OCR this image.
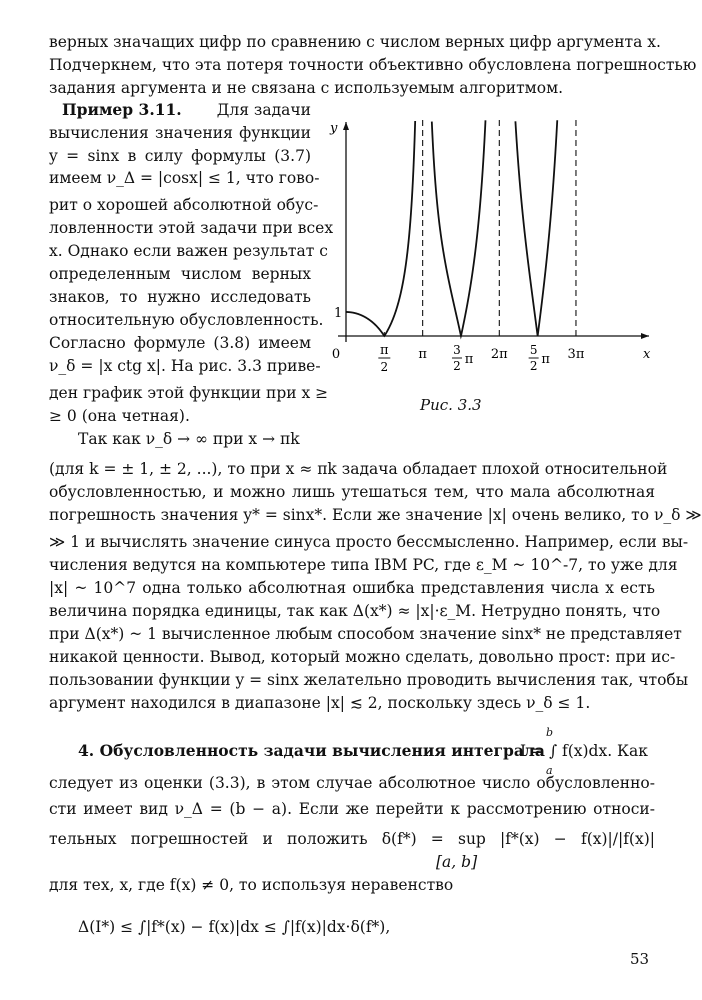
верных значащих цифр по сравнению с числом верных цифр аргумента x.
Подчеркнем, что эта потеря точности объективно обусловлена погрешностью
задания аргумента и не связана с используемым алгоритмом.
Пример 3.11. Для задачи
вычисления значения функции
y = sinx в силу формулы (3.7)
имеем ν_Δ = |cosx| ≤ 1, что гово-
рит о хорошей абсолютной обус-
ловленности этой задачи при всех
x. Однако если важен результат с
определенным числом верных
знаков, то нужно исследовать
относительную обусловленность.
Согласно формуле (3.8) имеем
ν_δ = |x ctg x|. На рис. 3.3 приве-
ден график этой функции при x ≥
≥ 0 (она четная).
Так как ν_δ → ∞ при x → πk
x
y
1
0	π
2
π 3
2 π 2π 5
2 π 3π
Рис. 3.3
(для k = ± 1, ± 2, ...), то при x ≈ πk задача обладает плохой относительной
обусловленностью, и можно лишь утешаться тем, что мала абсолютная
погрешность значения y* = sinx*. Если же значение |x| очень велико, то ν_δ ≫
≫ 1 и вычислять значение синуса просто бессмысленно. Например, если вы-
числения ведутся на компьютере типа IBM PC, где ε_M ~ 10^-7, то уже для
|x| ~ 10^7 одна только абсолютная ошибка представления числа x есть
величина порядка единицы, так как Δ(x*) ≈ |x|·ε_M. Нетрудно понять, что
при Δ(x*) ~ 1 вычисленное любым способом значение sinx* не представляет
никакой ценности. Вывод, который можно сделать, довольно прост: при ис-
пользовании функции y = sinx желательно проводить вычисления так, чтобы
аргумент находился в диапазоне |x| ≲ 2, поскольку здесь ν_δ ≤ 1.
4. Обусловленность задачи вычисления интеграла
I = ∫ f(x)dx. Как
b
a
следует из оценки (3.3), в этом случае абсолютное число обусловленно-
сти имеет вид ν_Δ = (b − a). Если же перейти к рассмотрению относи-
тельных погрешностей и положить δ(f*) = sup |f*(x) − f(x)|/|f(x)|
[a, b]
для тех, x, где f(x) ≠ 0, то используя неравенство
Δ(I*) ≤ ∫|f*(x) − f(x)|dx ≤ ∫|f(x)|dx·δ(f*),
53
